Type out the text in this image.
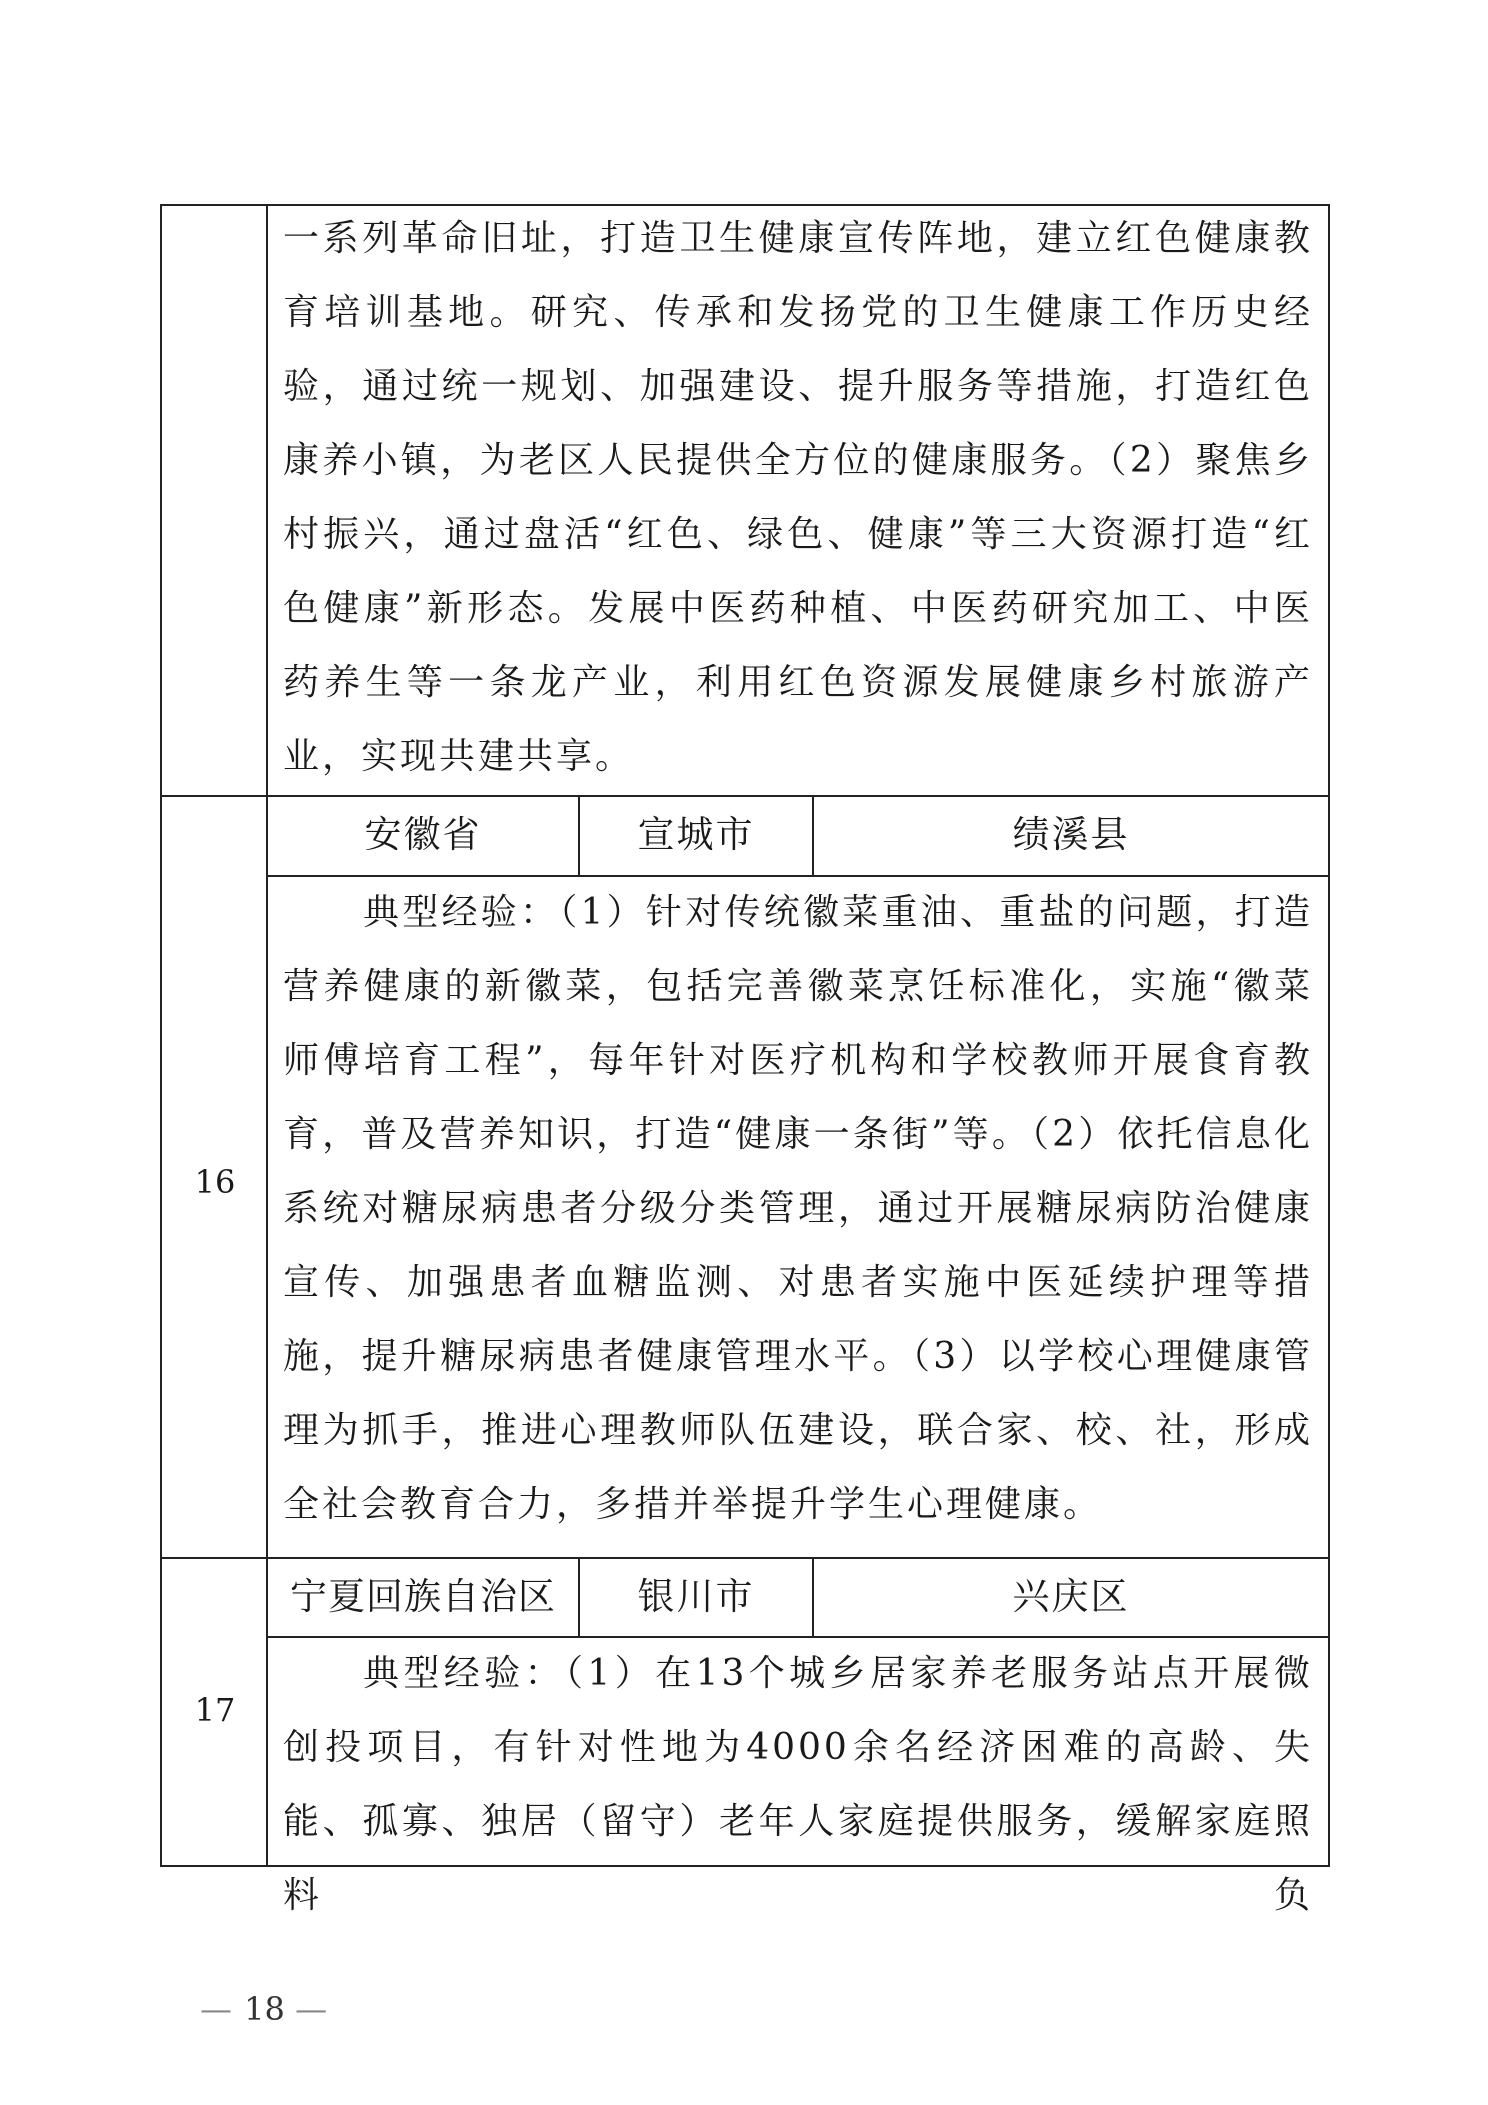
一系列革命旧址，打造卫生健康宣传阵地，建立红色健康教育培训基地。研究、传承和发扬党的卫生健康工作历史经验，通过统一规划、加强建设、提升服务等措施，打造红色康养小镇，为老区人民提供全方位的健康服务。（2）聚焦乡村振兴，通过盘活“红色、绿色、健康”等三大资源打造“红色健康”新形态。发展中医药种植、中医药研究加工、中医药养生等一条龙产业，利用红色资源发展健康乡村旅游产业，实现共建共享。

16
安徽省	宣城市	绩溪县

典型经验：（1）针对传统徽菜重油、重盐的问题，打造营养健康的新徽菜，包括完善徽菜烹饪标准化，实施“徽菜师傅培育工程”，每年针对医疗机构和学校教师开展食育教育，普及营养知识，打造“健康一条街”等。（2）依托信息化系统对糖尿病患者分级分类管理，通过开展糖尿病防治健康宣传、加强患者血糖监测、对患者实施中医延续护理等措施，提升糖尿病患者健康管理水平。（3）以学校心理健康管理为抓手，推进心理教师队伍建设，联合家、校、社，形成全社会教育合力，多措并举提升学生心理健康。

17
宁夏回族自治区	银川市	兴庆区

典型经验：（1）在13个城乡居家养老服务站点开展微创投项目，有针对性地为4000余名经济困难的高龄、失能、孤寡、独居（留守）老年人家庭提供服务，缓解家庭照料负

— 18 —
